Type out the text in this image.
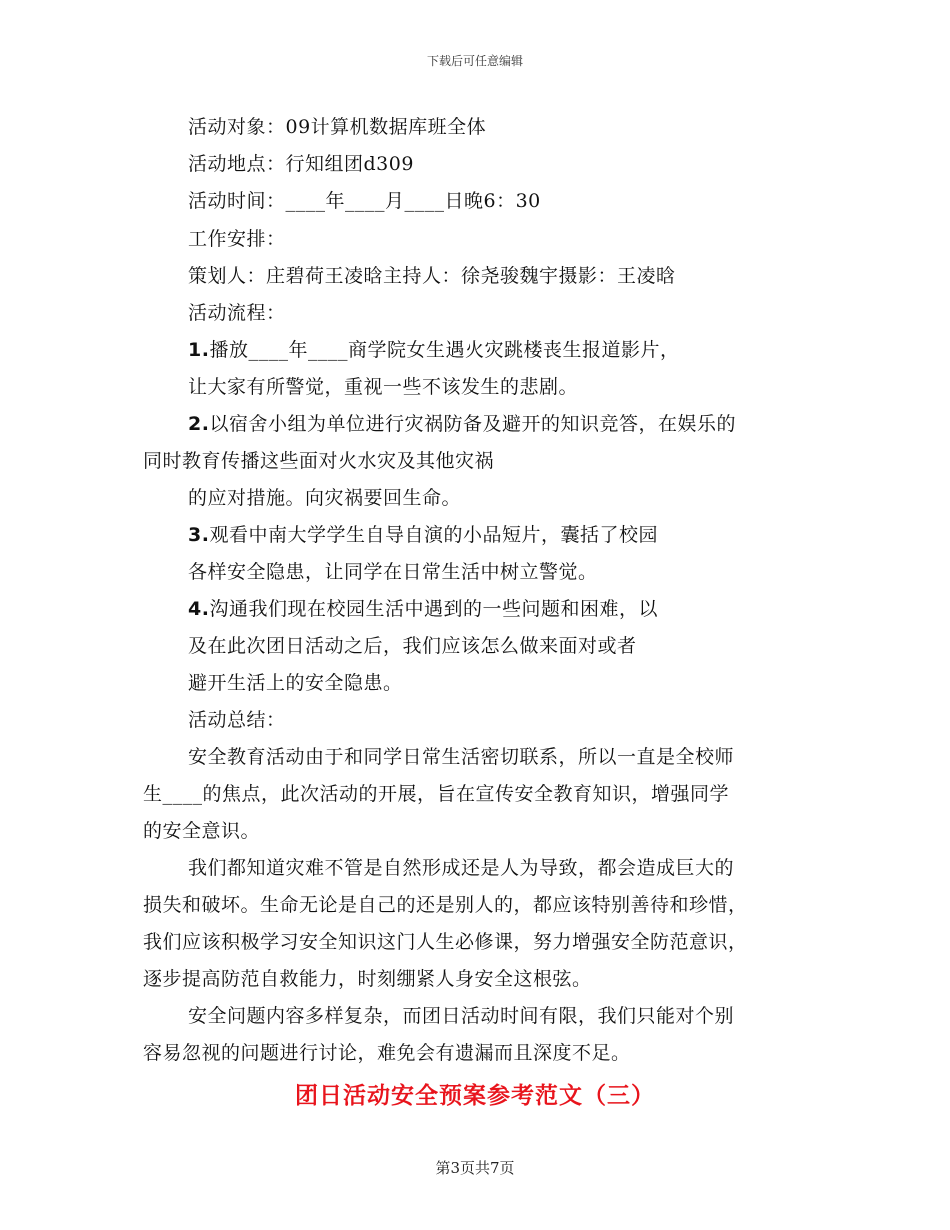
下载后可任意编辑
活动对象：09计算机数据库班全体
活动地点：行知组团d309
活动时间：____年____月____日晚6：30
工作安排：
策划人：庄碧荷王凌晗主持人：徐尧骏魏宇摄影：王凌晗
活动流程：
1.播放____年____商学院女生遇火灾跳楼丧生报道影片，
让大家有所警觉，重视一些不该发生的悲剧。
2.以宿舍小组为单位进行灾祸防备及避开的知识竞答，在娱乐的
同时教育传播这些面对火水灾及其他灾祸
的应对措施。向灾祸要回生命。
3.观看中南大学学生自导自演的小品短片，囊括了校园
各样安全隐患，让同学在日常生活中树立警觉。
4.沟通我们现在校园生活中遇到的一些问题和困难，以
及在此次团日活动之后，我们应该怎么做来面对或者
避开生活上的安全隐患。
活动总结：
安全教育活动由于和同学日常生活密切联系，所以一直是全校师
生____的焦点，此次活动的开展，旨在宣传安全教育知识，增强同学
的安全意识。
我们都知道灾难不管是自然形成还是人为导致，都会造成巨大的
损失和破坏。生命无论是自己的还是别人的，都应该特别善待和珍惜，
我们应该积极学习安全知识这门人生必修课，努力增强安全防范意识，
逐步提高防范自救能力，时刻绷紧人身安全这根弦。
安全问题内容多样复杂，而团日活动时间有限，我们只能对个别
容易忽视的问题进行讨论，难免会有遗漏而且深度不足。
团日活动安全预案参考范文（三）
第3页共7页
